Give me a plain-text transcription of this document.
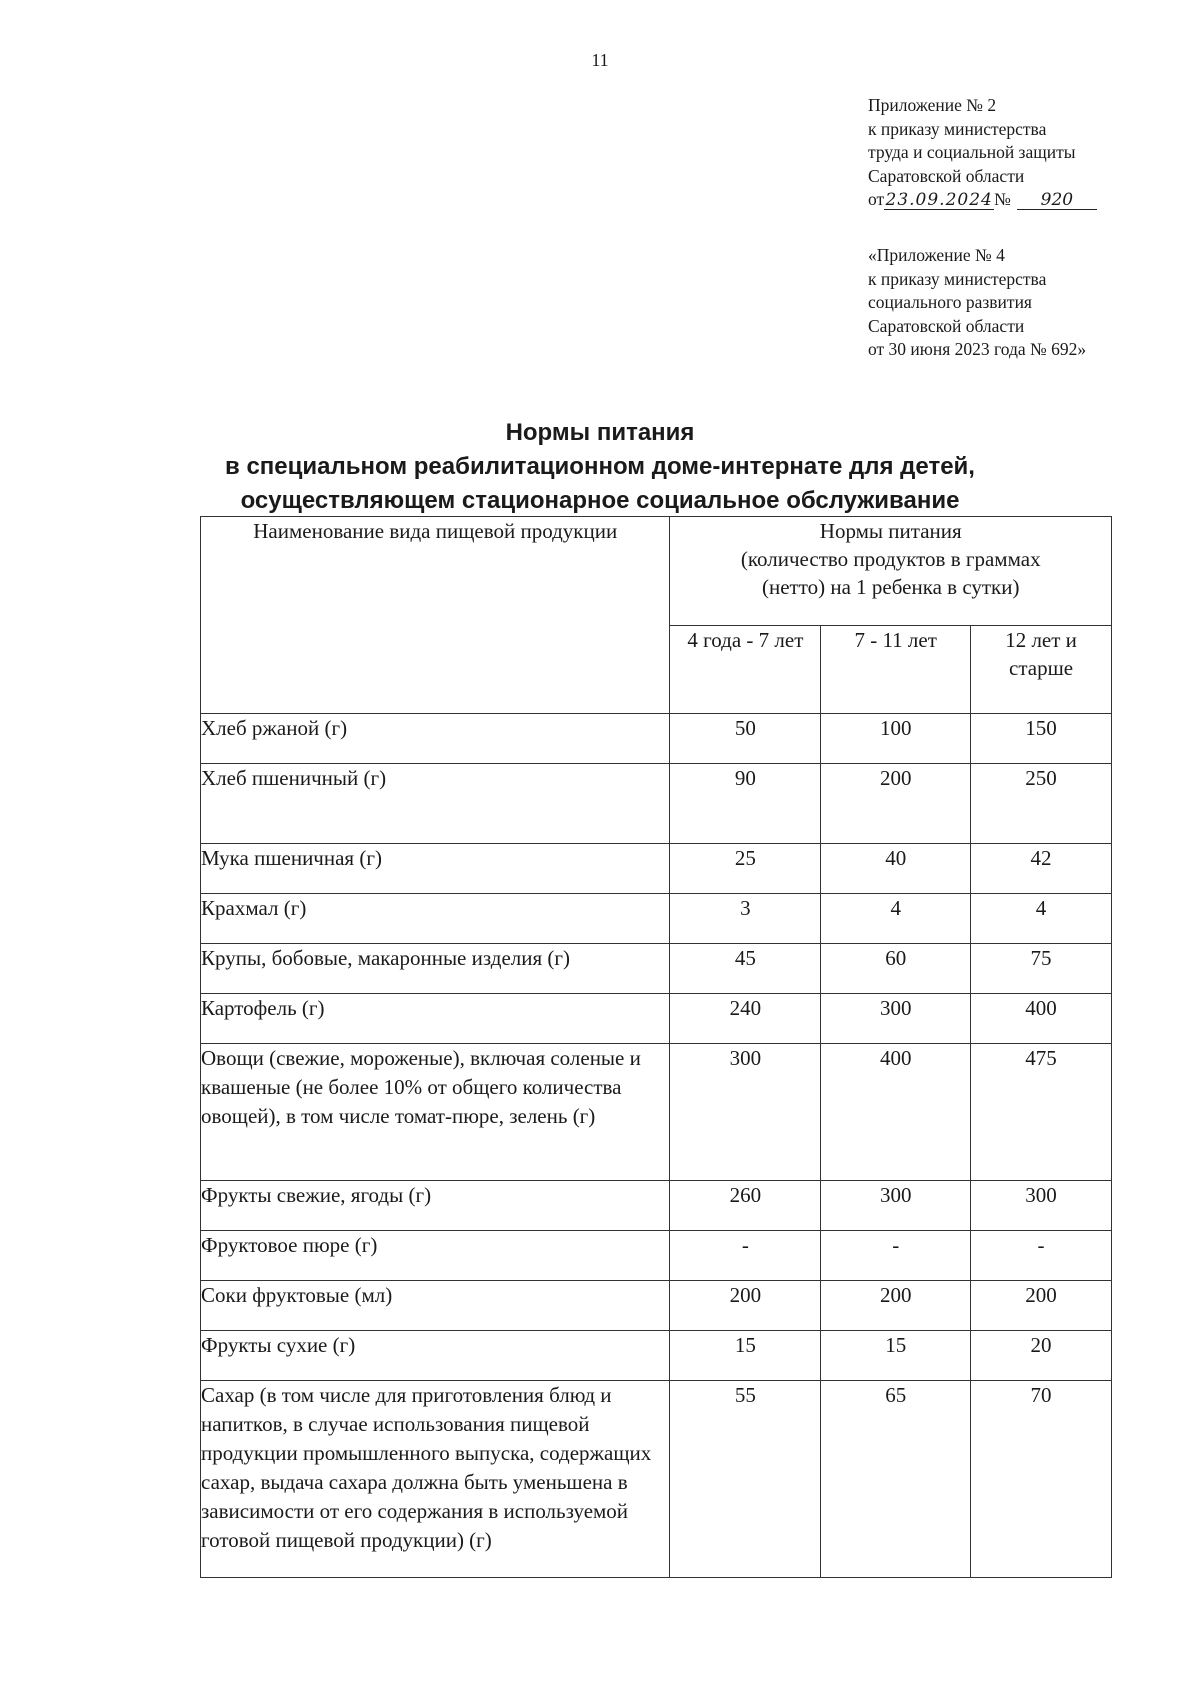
11
Приложение № 2
к приказу министерства
труда и социальной защиты
Саратовской области
от23.09.2024№ 920
«Приложение № 4
к приказу министерства
социального развития
Саратовской области
от 30 июня 2023 года № 692»
Нормы питания
в специальном реабилитационном доме-интернате для детей,
осуществляющем стационарное социальное обслуживание
Наименование вида пищевой продукции	Нормы питания
(количество продуктов в граммах
(нетто) на 1 ребенка в сутки)		

	4 года - 7 лет	7 - 11 лет	12 лет и
старше

Хлеб ржаной (г)	50	100	150
Хлеб пшеничный (г)	90	200	250
Мука пшеничная (г)	25	40	42
Крахмал (г)	3	4	4
Крупы, бобовые, макаронные изделия (г)	45	60	75
Картофель (г)	240	300	400
Овощи (свежие, мороженые), включая соленые и квашеные (не более 10% от общего количества овощей), в том числе томат-пюре, зелень (г)	300	400	475
Фрукты свежие, ягоды (г)	260	300	300
Фруктовое пюре (г)	-	-	-
Соки фруктовые (мл)	200	200	200
Фрукты сухие (г)	15	15	20
Сахар (в том числе для приготовления блюд и напитков, в случае использования пищевой продукции промышленного выпуска, содержащих сахар, выдача сахара должна быть уменьшена в зависимости от его содержания в используемой готовой пищевой продукции) (г)	55	65	70
